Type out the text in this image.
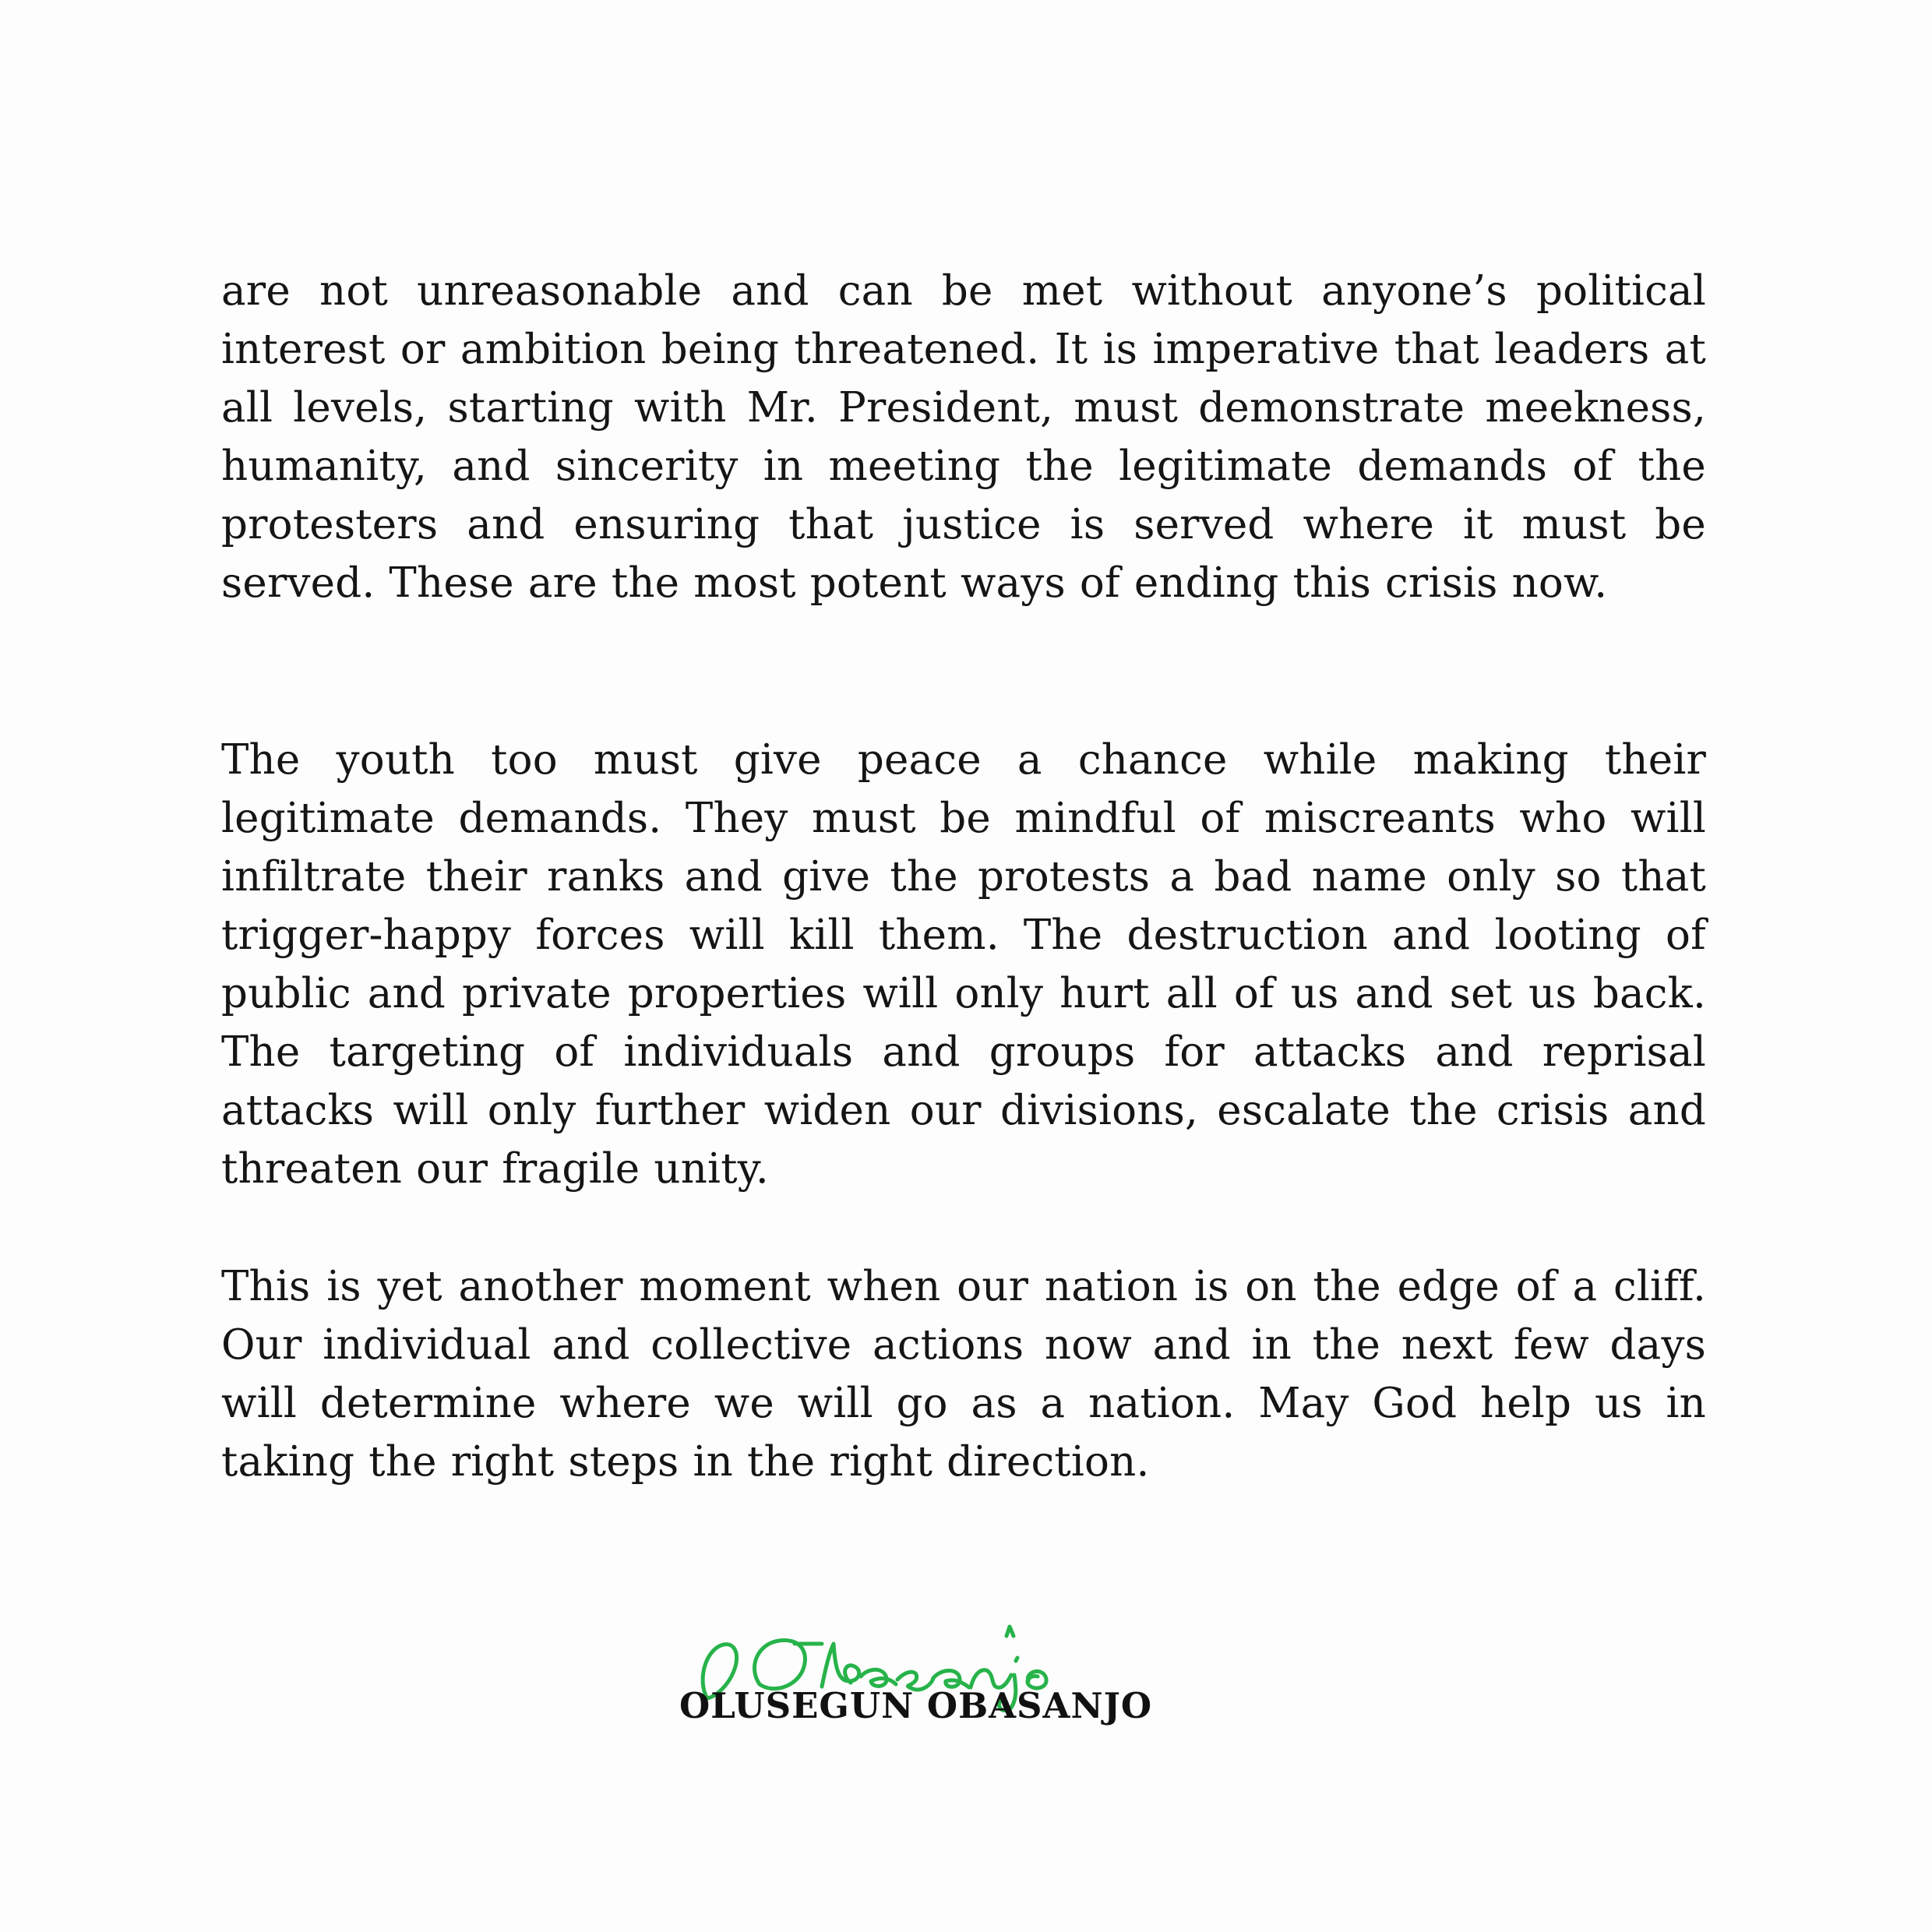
are not unreasonable and can be met without anyone’s political interest or ambition being threatened. It is imperative that leaders at all levels, starting with Mr. President, must demonstrate meekness, humanity, and sincerity in meeting the legitimate demands of the protesters and ensuring that justice is served where it must be served. These are the most potent ways of ending this crisis now.

The youth too must give peace a chance while making their legitimate demands. They must be mindful of miscreants who will infiltrate their ranks and give the protests a bad name only so that trigger-happy forces will kill them. The destruction and looting of public and private properties will only hurt all of us and set us back. The targeting of individuals and groups for attacks and reprisal attacks will only further widen our divisions, escalate the crisis and threaten our fragile unity.

This is yet another moment when our nation is on the edge of a cliff. Our individual and collective actions now and in the next few days will determine where we will go as a nation. May God help us in taking the right steps in the right direction.

OLUSEGUN OBASANJO
